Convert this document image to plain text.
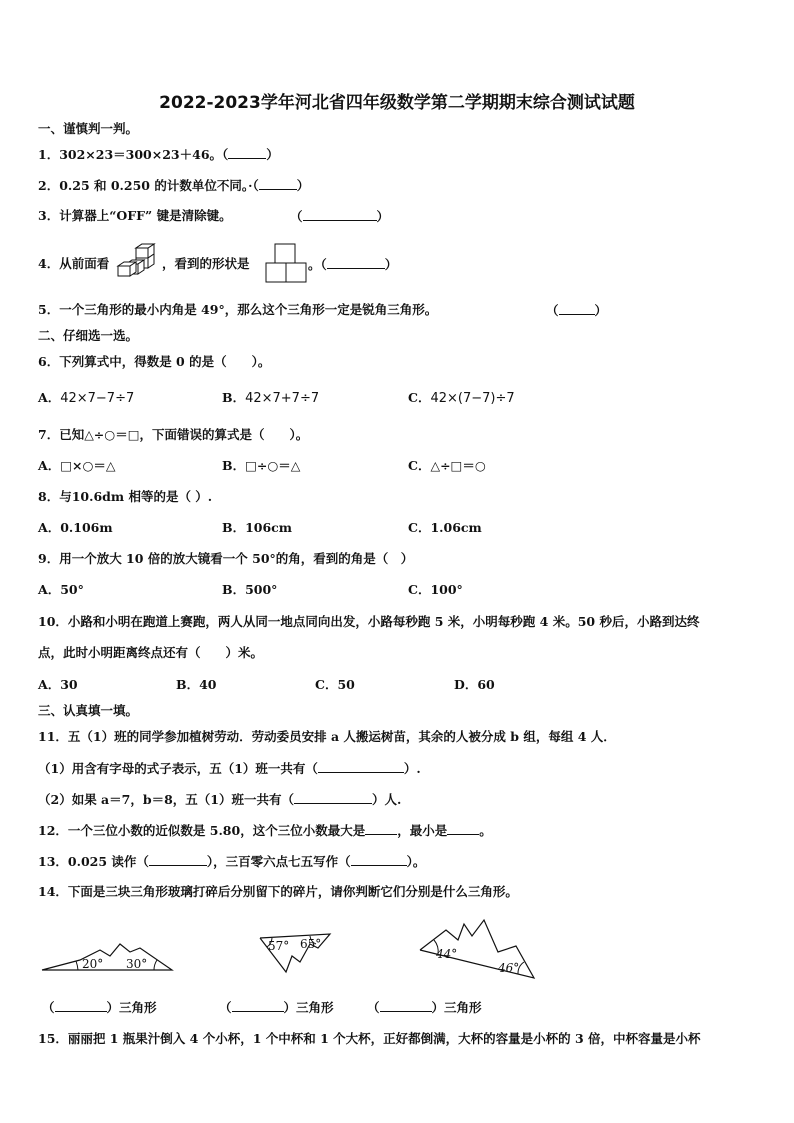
2022-2023学年河北省四年级数学第二学期期末综合测试试题
一、谨慎判一判。
1．302×23＝300×23＋46。（	）
2．0.25 和 0.250 的计数单位不同。·（	）
3．计算器上“OFF” 键是清除键。	（	）
4．从前面看	，看到的形状是	。（	）
5．一个三角形的最小内角是 49°，那么这个三角形一定是锐角三角形。	（	）
二、仔细选一选。
6．下列算式中，得数是 0 的是（　　）。
A．42×7−7÷7	B．42×7+7÷7	C．42×(7−7)÷7
7．已知△÷○＝□，下面错误的算式是（　　）。
A．□×○＝△	B．□÷○＝△	C．△÷□＝○
8．与10.6dm 相等的是（ ）.
A．0.106m	B．106cm	C．1.06cm
9．用一个放大 10 倍的放大镜看一个 50°的角，看到的角是（　）
A．50°	B．500°	C．100°
10．小路和小明在跑道上赛跑，两人从同一地点同向出发，小路每秒跑 5 米，小明每秒跑 4 米。50 秒后，小路到达终
点，此时小明距离终点还有（　　）米。
A．30	B．40	C．50	D．60
三、认真填一填。
11．五（1）班的同学参加植树劳动．劳动委员安排 a 人搬运树苗，其余的人被分成 b 组，每组 4 人．
（1）用含有字母的式子表示，五（1）班一共有（	）.
（2）如果 a＝7，b＝8，五（1）班一共有（	）人.
12．一个三位小数的近似数是 5.80，这个三位小数最大是	，最小是	。
13．0.025 读作（	），三百零六点七五写作（	）。
14．下面是三块三角形玻璃打碎后分别留下的碎片，请你判断它们分别是什么三角形。
20° 30°
57° 65°
44°
46°
（	）三角形	（	）三角形	（	）三角形
15．丽丽把 1 瓶果汁倒入 4 个小杯，1 个中杯和 1 个大杯，正好都倒满，大杯的容量是小杯的 3 倍，中杯容量是小杯
